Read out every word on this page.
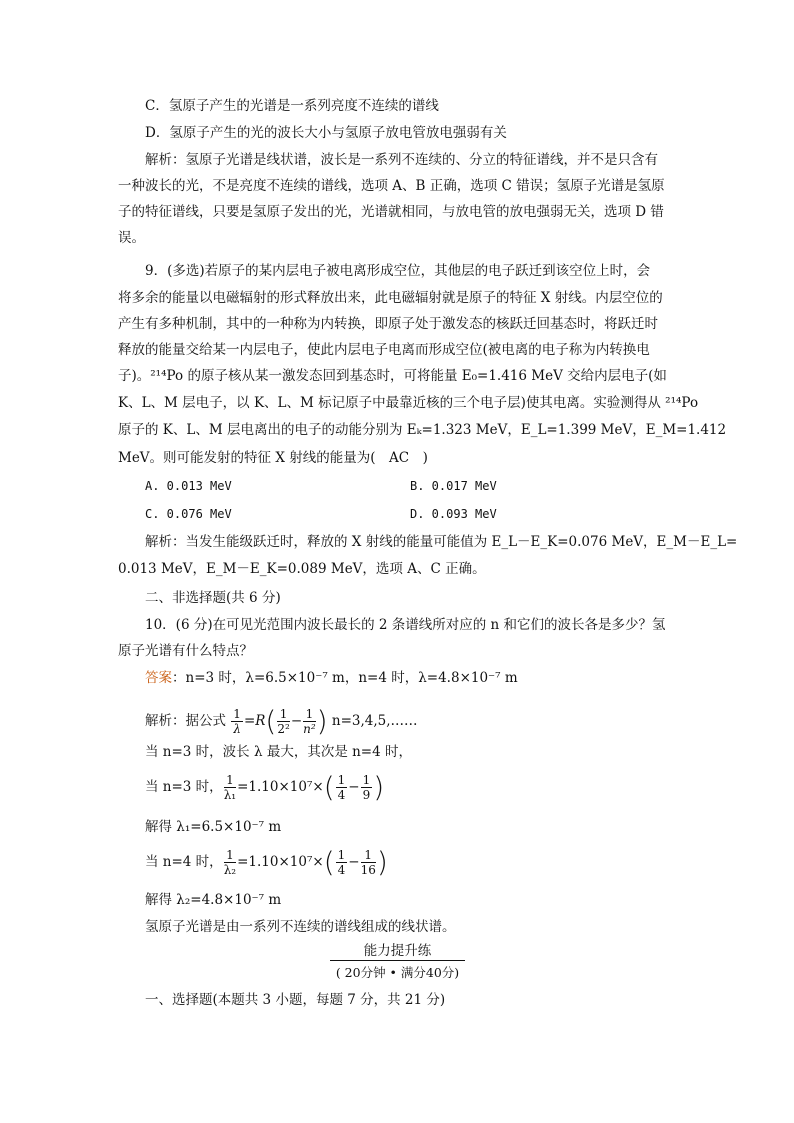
C．氢原子产生的光谱是一系列亮度不连续的谱线
D．氢原子产生的光的波长大小与氢原子放电管放电强弱有关
解析：氢原子光谱是线状谱，波长是一系列不连续的、分立的特征谱线，并不是只含有
一种波长的光，不是亮度不连续的谱线，选项 A、B 正确，选项 C 错误；氢原子光谱是氢原
子的特征谱线，只要是氢原子发出的光，光谱就相同，与放电管的放电强弱无关，选项 D 错
误。
9．(多选)若原子的某内层电子被电离形成空位，其他层的电子跃迁到该空位上时，会
将多余的能量以电磁辐射的形式释放出来，此电磁辐射就是原子的特征 X 射线。内层空位的
产生有多种机制，其中的一种称为内转换，即原子处于激发态的核跃迁回基态时，将跃迁时
释放的能量交给某一内层电子，使此内层电子电离而形成空位(被电离的电子称为内转换电
子)。²¹⁴Po 的原子核从某一激发态回到基态时，可将能量 E₀=1.416 MeV 交给内层电子(如
K、L、M 层电子，以 K、L、M 标记原子中最靠近核的三个电子层)使其电离。实验测得从 ²¹⁴Po
原子的 K、L、M 层电离出的电子的动能分别为 Eₖ=1.323 MeV，E_L=1.399 MeV，E_M=1.412
MeV。则可能发射的特征 X 射线的能量为(　AC　)
A. 0.013 MeV	B. 0.017 MeV
C. 0.076 MeV	D. 0.093 MeV
解析：当发生能级跃迁时，释放的 X 射线的能量可能值为 E_L－E_K=0.076 MeV，E_M－E_L=
0.013 MeV，E_M－E_K=0.089 MeV，选项 A、C 正确。
二、非选择题(共 6 分)
10．(6 分)在可见光范围内波长最长的 2 条谱线所对应的 n 和它们的波长各是多少？氢
原子光谱有什么特点？
答案：n=3 时，λ=6.5×10⁻⁷ m，n=4 时，λ=4.8×10⁻⁷ m
解析：据公式 $\frac{1}{\lambda} =R( \frac{1}{\text{2²}} - \frac{1}{\text{n²}}$ ) n=3,4,5,……
当 n=3 时，波长 λ 最大，其次是 n=4 时，
当 n=3 时， $\frac{1}{\text{λ₁}} =1.10\times 10^7\times( \frac{1}{4} - \frac{1}{9}$ )
解得 λ₁=6.5×10⁻⁷ m
当 n=4 时， $\frac{1}{\text{λ₂}} =1.10\times 10^7\times( \frac{1}{4} - \frac{1}{16}$ )
解得 λ₂=4.8×10⁻⁷ m
氢原子光谱是由一系列不连续的谱线组成的线状谱。
能力提升练
( 20分钟 • 满分40分)
一、选择题(本题共 3 小题，每题 7 分，共 21 分)
